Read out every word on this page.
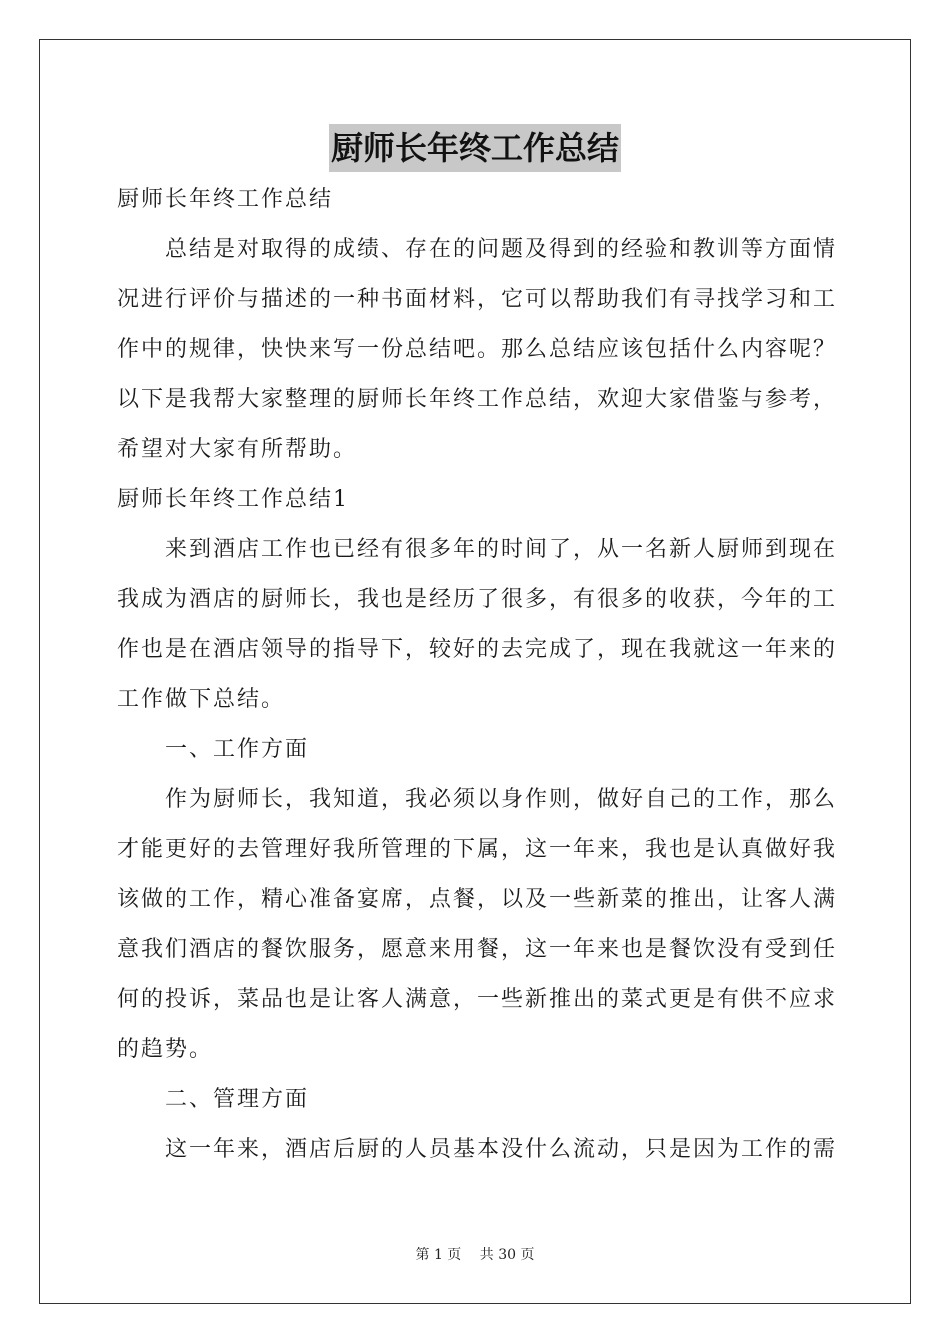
厨师长年终工作总结

厨师长年终工作总结

总结是对取得的成绩、存在的问题及得到的经验和教训等方面情况进行评价与描述的一种书面材料，它可以帮助我们有寻找学习和工作中的规律，快快来写一份总结吧。那么总结应该包括什么内容呢？以下是我帮大家整理的厨师长年终工作总结，欢迎大家借鉴与参考，希望对大家有所帮助。

厨师长年终工作总结1

来到酒店工作也已经有很多年的时间了，从一名新人厨师到现在我成为酒店的厨师长，我也是经历了很多，有很多的收获，今年的工作也是在酒店领导的指导下，较好的去完成了，现在我就这一年来的工作做下总结。

一、工作方面

作为厨师长，我知道，我必须以身作则，做好自己的工作，那么才能更好的去管理好我所管理的下属，这一年来，我也是认真做好我该做的工作，精心准备宴席，点餐，以及一些新菜的推出，让客人满意我们酒店的餐饮服务，愿意来用餐，这一年来也是餐饮没有受到任何的投诉，菜品也是让客人满意，一些新推出的菜式更是有供不应求的趋势。

二、管理方面

这一年来，酒店后厨的人员基本没什么流动，只是因为工作的需

第 1 页 共 30 页
